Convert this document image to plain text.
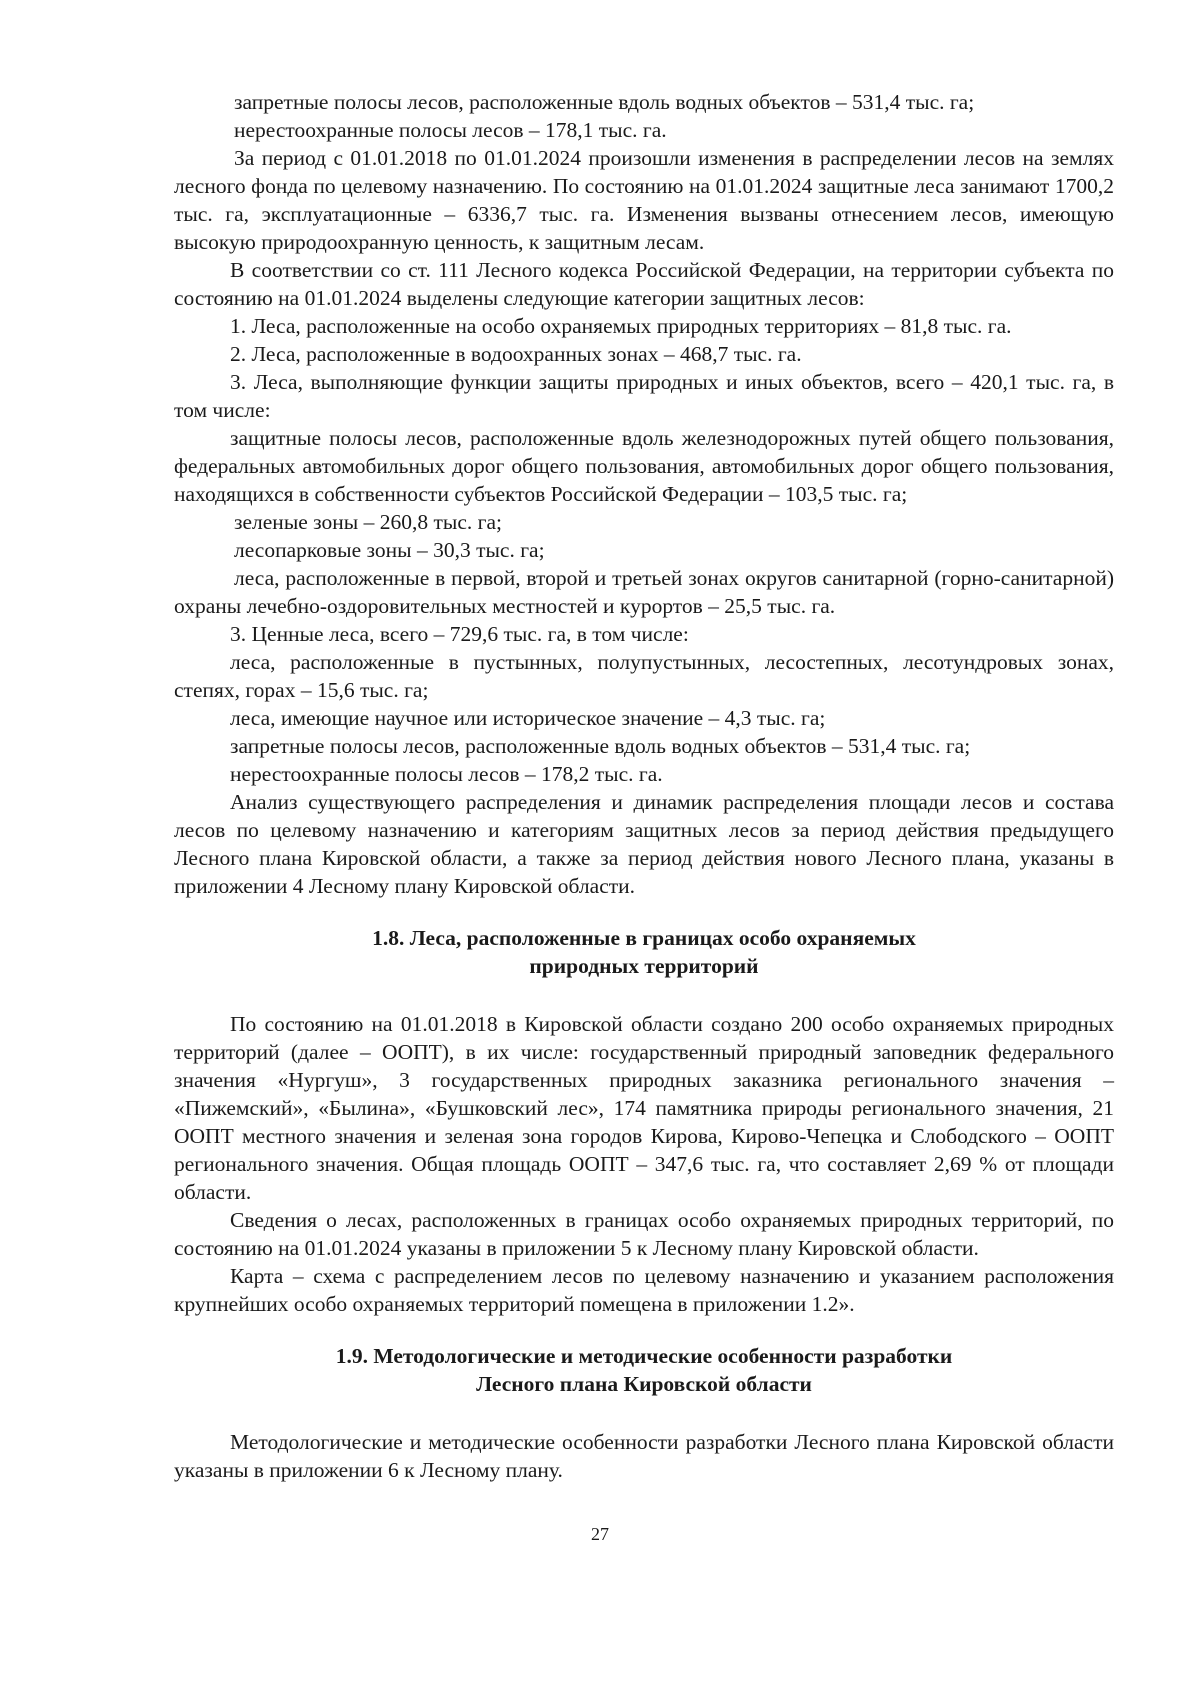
запретные полосы лесов, расположенные вдоль водных объектов – 531,4 тыс. га;

нерестоохранные полосы лесов – 178,1 тыс. га.

За период с 01.01.2018 по 01.01.2024 произошли изменения в распределении лесов на землях лесного фонда по целевому назначению. По состоянию на 01.01.2024 защитные леса занимают 1700,2 тыс. га, эксплуатационные – 6336,7 тыс. га. Изменения вызваны отнесением лесов, имеющую высокую природоохранную ценность, к защитным лесам.

В соответствии со ст. 111 Лесного кодекса Российской Федерации, на территории субъекта по состоянию на 01.01.2024 выделены следующие категории защитных лесов:

1. Леса, расположенные на особо охраняемых природных территориях – 81,8 тыс. га.

2. Леса, расположенные в водоохранных зонах – 468,7 тыс. га.

3. Леса, выполняющие функции защиты природных и иных объектов, всего – 420,1 тыс. га, в том числе:

защитные полосы лесов, расположенные вдоль железнодорожных путей общего пользования, федеральных автомобильных дорог общего пользования, автомобильных дорог общего пользования, находящихся в собственности субъектов Российской Федерации – 103,5 тыс. га;

зеленые зоны – 260,8 тыс. га;

лесопарковые зоны – 30,3 тыс. га;

леса, расположенные в первой, второй и третьей зонах округов санитарной (горно-санитарной) охраны лечебно-оздоровительных местностей и курортов – 25,5 тыс. га.

3. Ценные леса, всего – 729,6 тыс. га, в том числе:

леса, расположенные в пустынных, полупустынных, лесостепных, лесотундровых зонах, степях, горах – 15,6 тыс. га;

леса, имеющие научное или историческое значение – 4,3 тыс. га;

запретные полосы лесов, расположенные вдоль водных объектов – 531,4 тыс. га;

нерестоохранные полосы лесов – 178,2 тыс. га.

Анализ существующего распределения и динамик распределения площади лесов и состава лесов по целевому назначению и категориям защитных лесов за период действия предыдущего Лесного плана Кировской области, а также за период действия нового Лесного плана, указаны в приложении 4 Лесному плану Кировской области.

1.8. Леса, расположенные в границах особо охраняемых

природных территорий

По состоянию на 01.01.2018 в Кировской области создано 200 особо охраняемых природных территорий (далее – ООПТ), в их числе: государственный природный заповедник федерального значения «Нургуш», 3 государственных природных заказника регионального значения – «Пижемский», «Былина», «Бушковский лес», 174 памятника природы регионального значения, 21 ООПТ местного значения и зеленая зона городов Кирова, Кирово-Чепецка и Слободского – ООПТ регионального значения. Общая площадь ООПТ – 347,6 тыс. га, что составляет 2,69 % от площади области.

Сведения о лесах, расположенных в границах особо охраняемых природных территорий, по состоянию на 01.01.2024 указаны в приложении 5 к Лесному плану Кировской области.

Карта – схема с распределением лесов по целевому назначению и указанием расположения крупнейших особо охраняемых территорий помещена в приложении 1.2».

1.9. Методологические и методические особенности разработки

Лесного плана Кировской области

Методологические и методические особенности разработки Лесного плана Кировской области указаны в приложении 6 к Лесному плану.

27
